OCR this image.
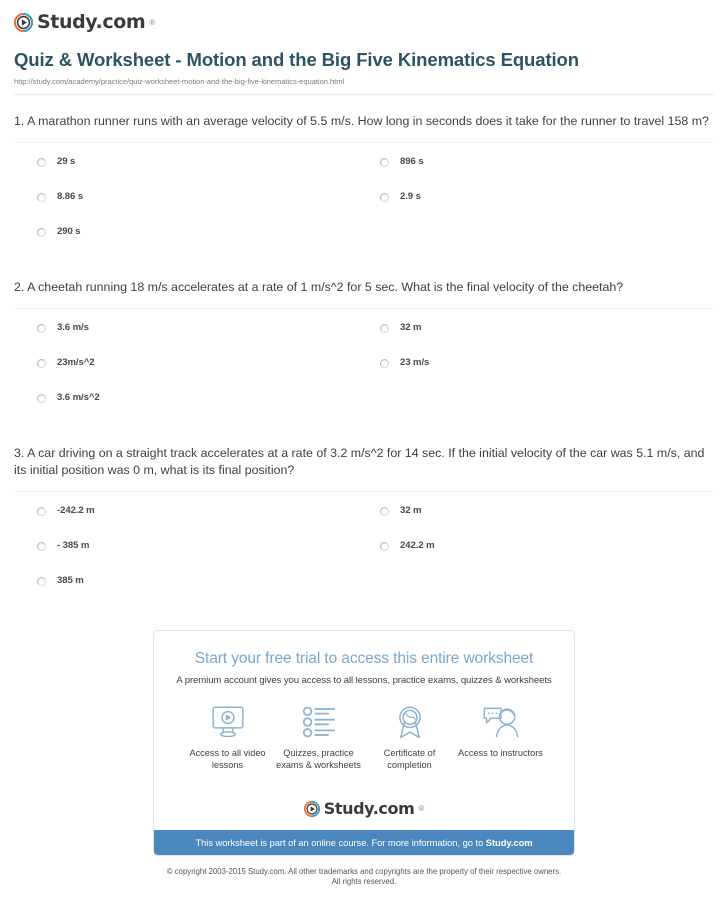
Study.com ®
Quiz & Worksheet - Motion and the Big Five Kinematics Equation
http://study.com/academy/practice/quiz-worksheet-motion-and-the-big-five-kinematics-equation.html

1. A marathon runner runs with an average velocity of 5.5 m/s. How long in seconds does it take for the runner to travel 158 m?

29 s
8.86 s
290 s
896 s
2.9 s

2. A cheetah running 18 m/s accelerates at a rate of 1 m/s^2 for 5 sec. What is the final velocity of the cheetah?

3.6 m/s
23m/s^2
3.6 m/s^2
32 m
23 m/s

3. A car driving on a straight track accelerates at a rate of 3.2 m/s^2 for 14 sec. If the initial velocity of the car was 5.1 m/s, and its initial position was 0 m, what is its final position?

-242.2 m
- 385 m
385 m
32 m
242.2 m
Start your free trial to access this entire worksheet
A premium account gives you access to all lessons, practice exams, quizzes & worksheets
Access to all video lessons
Quizzes, practice exams & worksheets
Certificate of completion
Access to instructors
Study.com ®
This worksheet is part of an online course. For more information, go to Study.com
© copyright 2003-2015 Study.com. All other trademarks and copyrights are the property of their respective owners.
All rights reserved.
